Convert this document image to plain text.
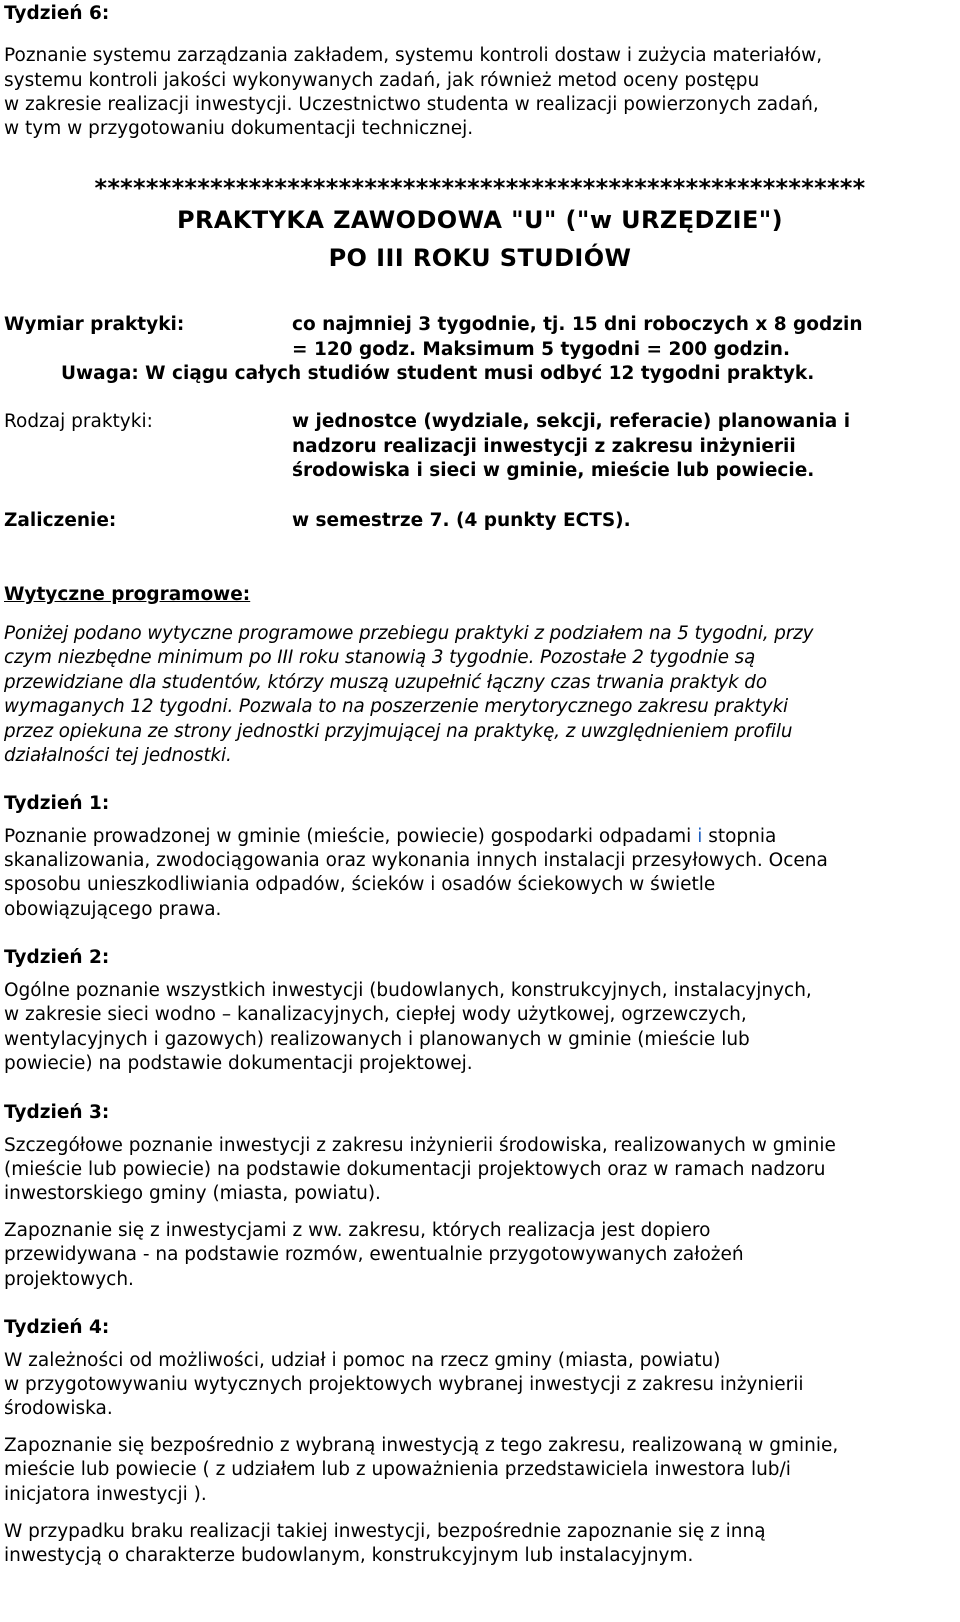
Tydzień 6:
Poznanie systemu zarządzania zakładem, systemu kontroli dostaw i zużycia materiałów,
systemu kontroli jakości wykonywanych zadań, jak również metod oceny postępu
w zakresie realizacji inwestycji. Uczestnictwo studenta w realizacji powierzonych zadań,
w tym w przygotowaniu dokumentacji technicznej.
************************************************************
PRAKTYKA ZAWODOWA "U" ("w URZĘDZIE")
PO III ROKU STUDIÓW
Wymiar praktyki:	co najmniej 3 tygodnie, tj. 15 dni roboczych x 8 godzin
= 120 godz. Maksimum 5 tygodni = 200 godzin.
Uwaga: W ciągu całych studiów student musi odbyć 12 tygodni praktyk.
Rodzaj praktyki:	w jednostce (wydziale, sekcji, referacie) planowania i
nadzoru realizacji inwestycji z zakresu inżynierii
środowiska i sieci w gminie, mieście lub powiecie.
Zaliczenie:	w semestrze 7. (4 punkty ECTS).
Wytyczne programowe:
Poniżej podano wytyczne programowe przebiegu praktyki z podziałem na 5 tygodni, przy
czym niezbędne minimum po III roku stanowią 3 tygodnie. Pozostałe 2 tygodnie są
przewidziane dla studentów, którzy muszą uzupełnić łączny czas trwania praktyk do
wymaganych 12 tygodni. Pozwala to na poszerzenie merytorycznego zakresu praktyki
przez opiekuna ze strony jednostki przyjmującej na praktykę, z uwzględnieniem profilu
działalności tej jednostki.
Tydzień 1:
Poznanie prowadzonej w gminie (mieście, powiecie) gospodarki odpadami i stopnia
skanalizowania, zwodociągowania oraz wykonania innych instalacji przesyłowych. Ocena
sposobu unieszkodliwiania odpadów, ścieków i osadów ściekowych w świetle
obowiązującego prawa.
Tydzień 2:
Ogólne poznanie wszystkich inwestycji (budowlanych, konstrukcyjnych, instalacyjnych,
w zakresie sieci wodno – kanalizacyjnych, ciepłej wody użytkowej, ogrzewczych,
wentylacyjnych i gazowych) realizowanych i planowanych w gminie (mieście lub
powiecie) na podstawie dokumentacji projektowej.
Tydzień 3:
Szczegółowe poznanie inwestycji z zakresu inżynierii środowiska, realizowanych w gminie
(mieście lub powiecie) na podstawie dokumentacji projektowych oraz w ramach nadzoru
inwestorskiego gminy (miasta, powiatu).
Zapoznanie się z inwestycjami z ww. zakresu, których realizacja jest dopiero
przewidywana - na podstawie rozmów, ewentualnie przygotowywanych założeń
projektowych.
Tydzień 4:
W zależności od możliwości, udział i pomoc na rzecz gminy (miasta, powiatu)
w przygotowywaniu wytycznych projektowych wybranej inwestycji z zakresu inżynierii
środowiska.
Zapoznanie się bezpośrednio z wybraną inwestycją z tego zakresu, realizowaną w gminie,
mieście lub powiecie ( z udziałem lub z upoważnienia przedstawiciela inwestora lub/i
inicjatora inwestycji ).
W przypadku braku realizacji takiej inwestycji, bezpośrednie zapoznanie się z inną
inwestycją o charakterze budowlanym, konstrukcyjnym lub instalacyjnym.
